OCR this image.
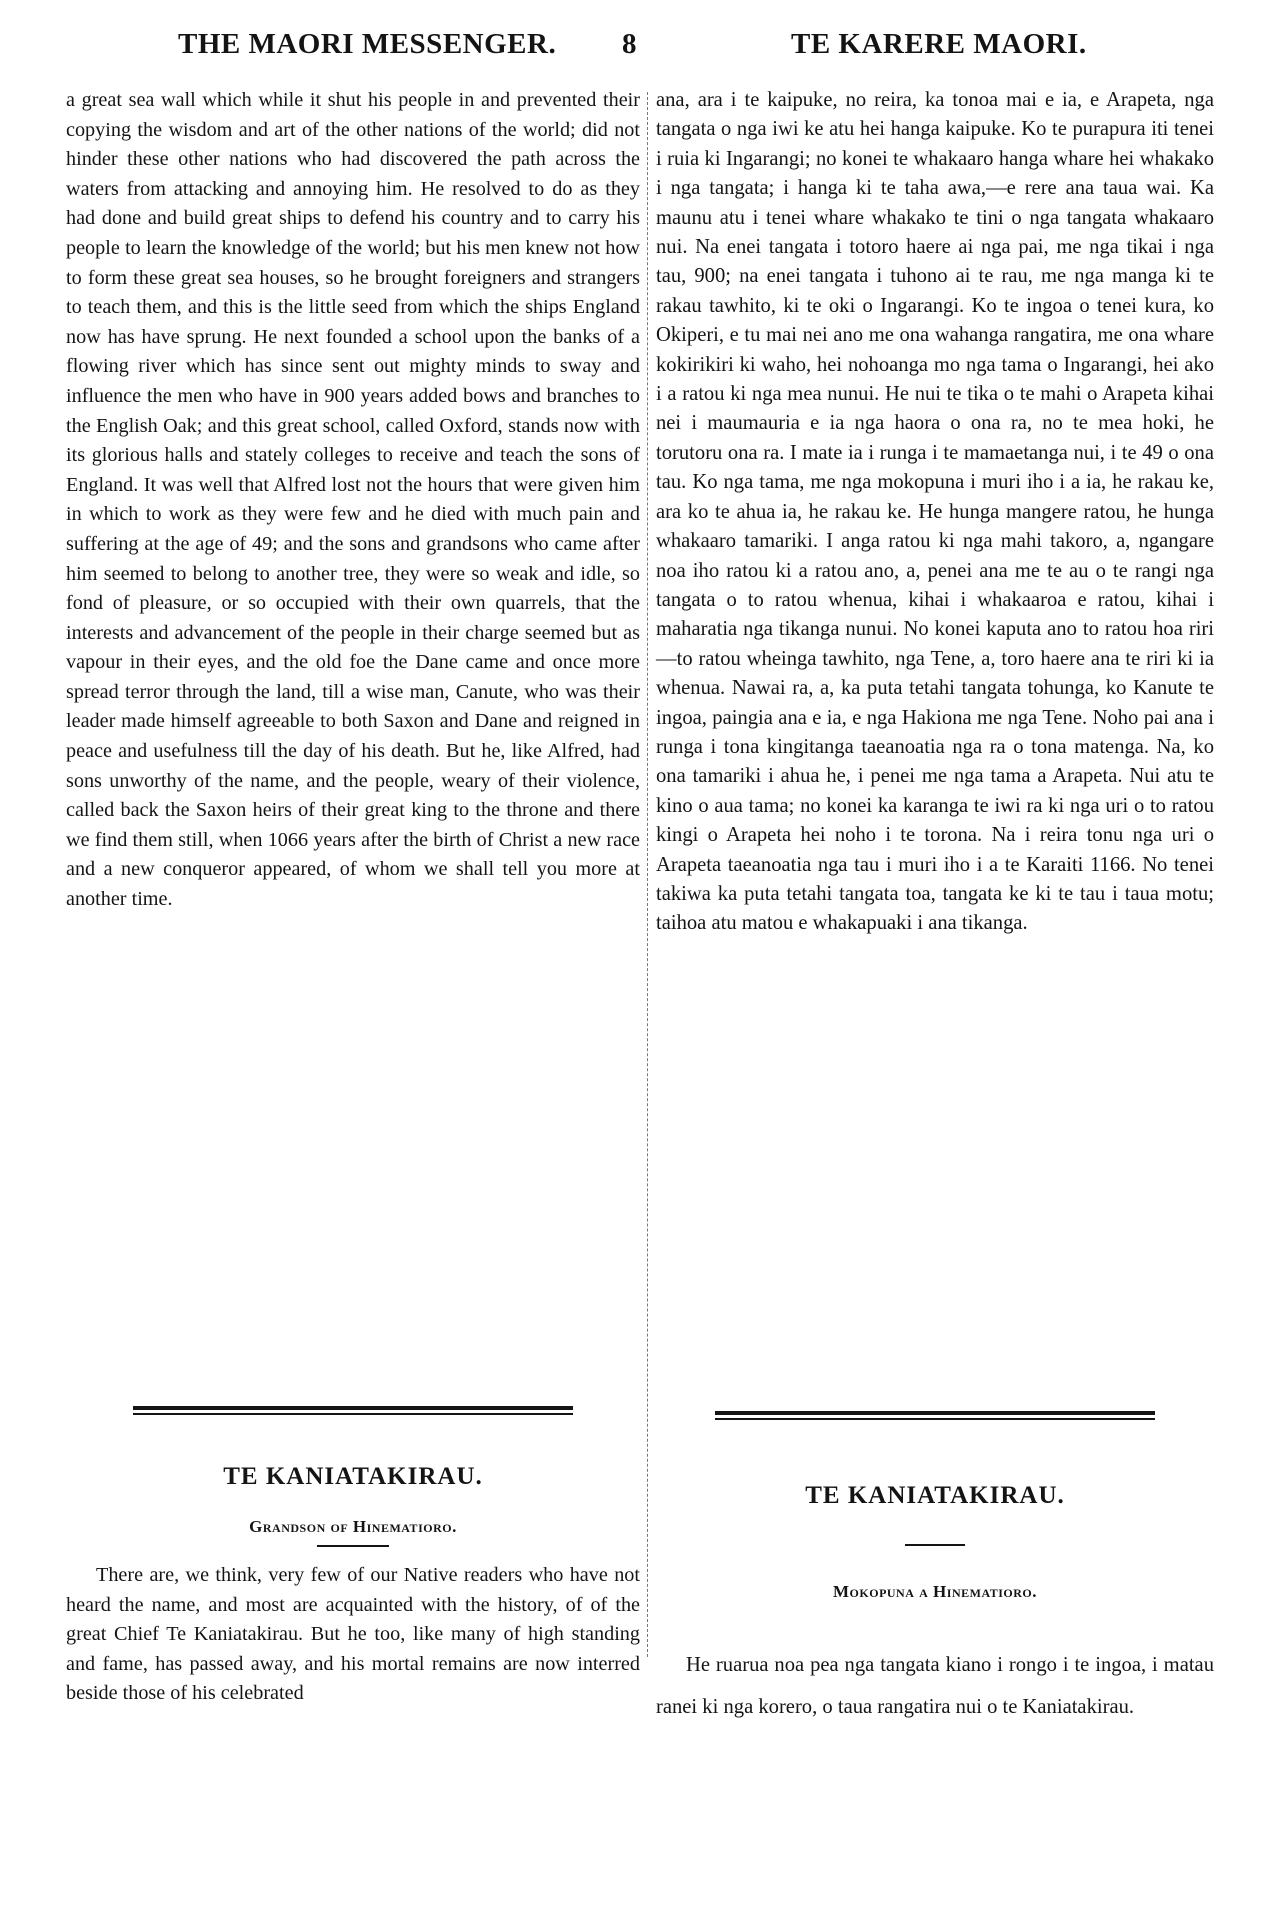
THE MAORI MESSENGER. 8	TE KARERE MAORI.

a great sea wall which while it shut his people in and prevented their copying the wisdom and art of the other nations of the world; did not hinder these other nations who had discovered the path across the waters from attacking and annoying him. He resolved to do as they had done and build great ships to defend his country and to carry his people to learn the knowledge of the world; but his men knew not how to form these great sea houses, so he brought foreigners and strangers to teach them, and this is the little seed from which the ships England now has have sprung. He next founded a school upon the banks of a flowing river which has since sent out mighty minds to sway and influence the men who have in 900 years added bows and branches to the English Oak; and this great school, called Oxford, stands now with its glorious halls and stately colleges to receive and teach the sons of England. It was well that Alfred lost not the hours that were given him in which to work as they were few and he died with much pain and suffering at the age of 49; and the sons and grandsons who came after him seemed to belong to another tree, they were so weak and idle, so fond of pleasure, or so occupied with their own quarrels, that the interests and advancement of the people in their charge seemed but as vapour in their eyes, and the old foe the Dane came and once more spread terror through the land, till a wise man, Canute, who was their leader made himself agreeable to both Saxon and Dane and reigned in peace and usefulness till the day of his death. But he, like Alfred, had sons unworthy of the name, and the people, weary of their violence, called back the Saxon heirs of their great king to the throne and there we find them still, when 1066 years after the birth of Christ a new race and a new conqueror appeared, of whom we shall tell you more at another time.

TE KANIATAKIRAU.

Grandson of Hinematioro.

There are, we think, very few of our Native readers who have not heard the name, and most are acquainted with the history, of of the great Chief Te Kaniatakirau. But he too, like many of high standing and fame, has passed away, and his mortal remains are now interred beside those of his celebrated

ana, ara i te kaipuke, no reira, ka tonoa mai e ia, e Arapeta, nga tangata o nga iwi ke atu hei hanga kaipuke. Ko te purapura iti tenei i ruia ki Ingarangi; no konei te whakaaro hanga whare hei whakako i nga tangata; i hanga ki te taha awa,—e rere ana taua wai. Ka maunu atu i tenei whare whakako te tini o nga tangata whakaaro nui. Na enei tangata i totoro haere ai nga pai, me nga tikai i nga tau, 900; na enei tangata i tuhono ai te rau, me nga manga ki te rakau tawhito, ki te oki o Ingarangi. Ko te ingoa o tenei kura, ko Okiperi, e tu mai nei ano me ona wahanga rangatira, me ona whare kokirikiri ki waho, hei nohoanga mo nga tama o Ingarangi, hei ako i a ratou ki nga mea nunui. He nui te tika o te mahi o Arapeta kihai nei i maumauria e ia nga haora o ona ra, no te mea hoki, he torutoru ona ra. I mate ia i runga i te mamaetanga nui, i te 49 o ona tau. Ko nga tama, me nga mokopuna i muri iho i a ia, he rakau ke, ara ko te ahua ia, he rakau ke. He hunga mangere ratou, he hunga whakaaro tamariki. I anga ratou ki nga mahi takoro, a, ngangare noa iho ratou ki a ratou ano, a, penei ana me te au o te rangi nga tangata o to ratou whenua, kihai i whakaaroa e ratou, kihai i maharatia nga tikanga nunui. No konei kaputa ano to ratou hoa riri—to ratou wheinga tawhito, nga Tene, a, toro haere ana te riri ki ia whenua. Nawai ra, a, ka puta tetahi tangata tohunga, ko Kanute te ingoa, paingia ana e ia, e nga Hakiona me nga Tene. Noho pai ana i runga i tona kingitanga taeanoatia nga ra o tona matenga. Na, ko ona tamariki i ahua he, i penei me nga tama a Arapeta. Nui atu te kino o aua tama; no konei ka karanga te iwi ra ki nga uri o to ratou kingi o Arapeta hei noho i te torona. Na i reira tonu nga uri o Arapeta taeanoatia nga tau i muri iho i a te Karaiti 1166. No tenei takiwa ka puta tetahi tangata toa, tangata ke ki te tau i taua motu; taihoa atu matou e whakapuaki i ana tikanga.

TE KANIATAKIRAU.

Mokopuna a Hinematioro.

He ruarua noa pea nga tangata kiano i rongo i te ingoa, i matau ranei ki nga korero, o taua rangatira nui o te Kaniatakirau.
